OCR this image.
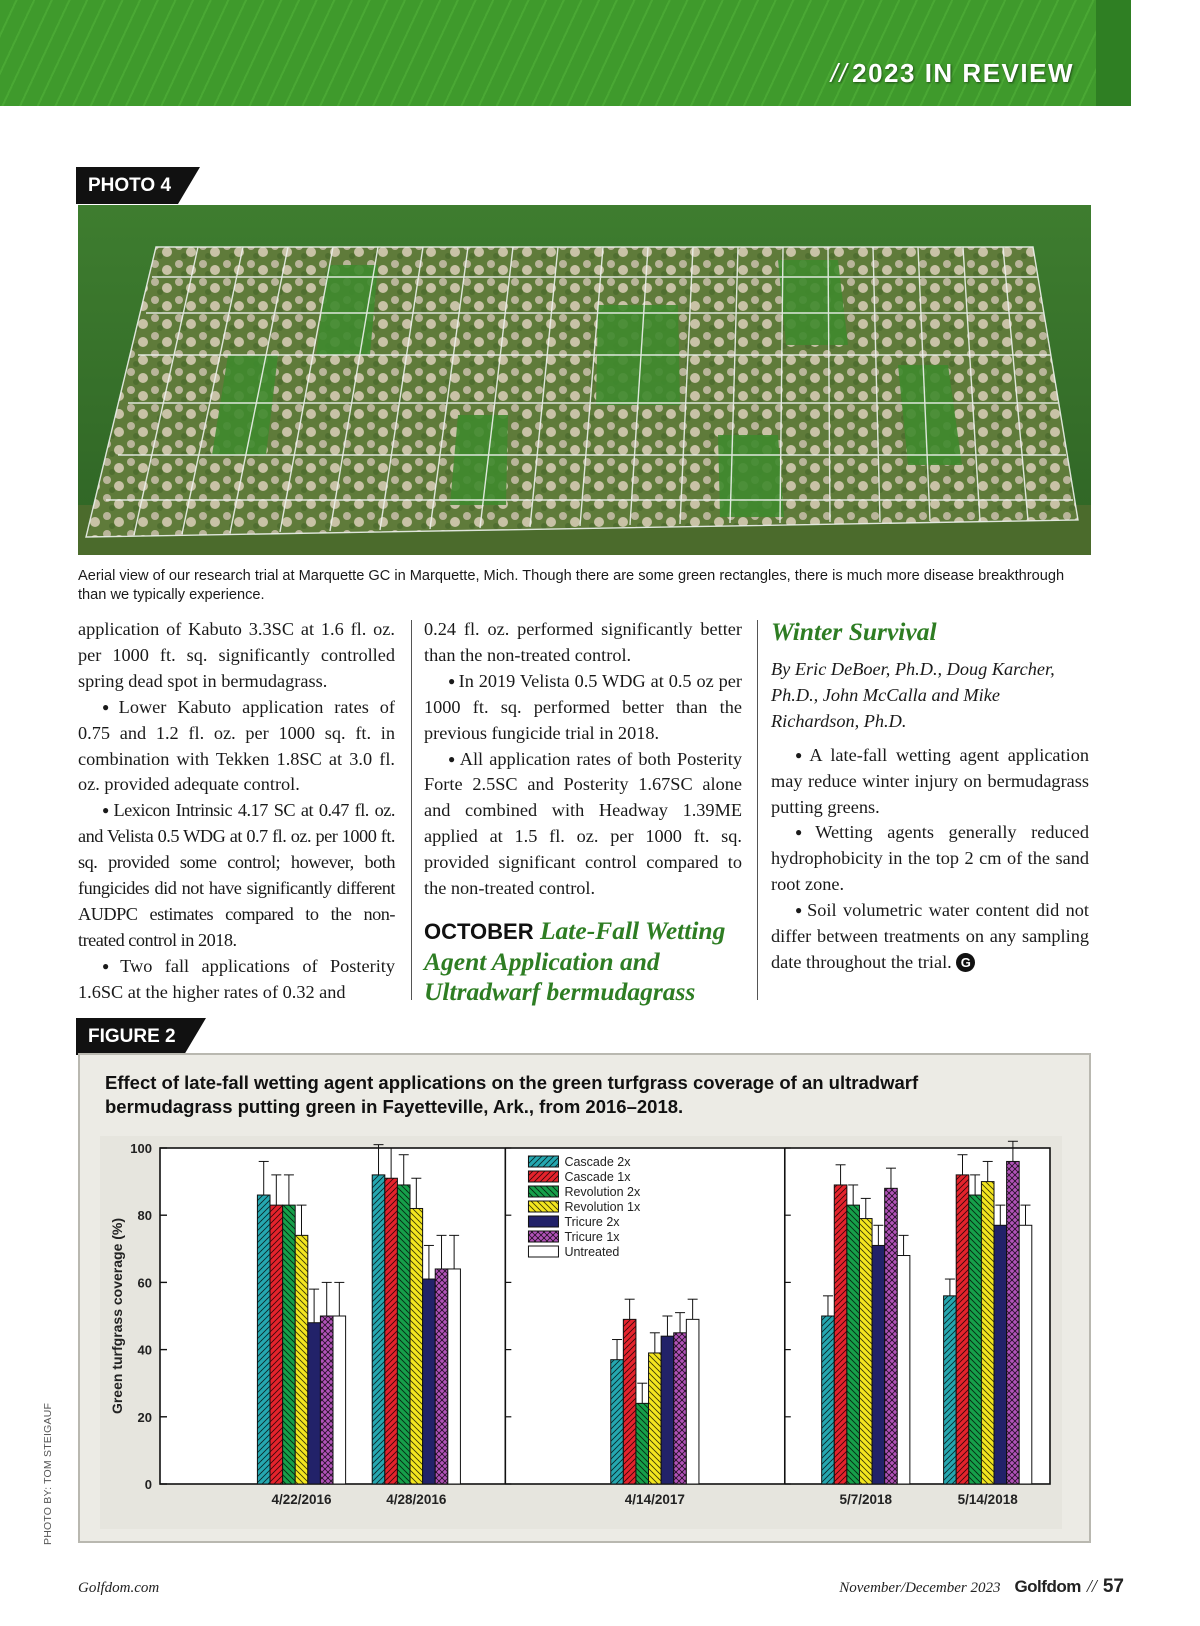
// 2023 IN REVIEW
PHOTO 4
Aerial view of our research trial at Marquette GC in Marquette, Mich. Though there are some green rectangles, there is much more disease breakthrough than we typically experience.

application of Kabuto 3.3SC at 1.6 fl. oz. per 1000 ft. sq. significantly controlled spring dead spot in bermudagrass.

● Lower Kabuto application rates of 0.75 and 1.2 fl. oz. per 1000 sq. ft. in combination with Tekken 1.8SC at 3.0 fl. oz. provided adequate control.

● Lexicon Intrinsic 4.17 SC at 0.47 fl. oz. and Velista 0.5 WDG at 0.7 fl. oz. per 1000 ft. sq. provided some control; however, both fungicides did not have significantly different AUDPC estimates compared to the non-treated control in 2018.

● Two fall applications of Posterity 1.6SC at the higher rates of 0.32 and

0.24 fl. oz. performed significantly better than the non-treated control.

● In 2019 Velista 0.5 WDG at 0.5 oz per 1000 ft. sq. performed better than the previous fungicide trial in 2018.

● All application rates of both Posterity Forte 2.5SC and Posterity 1.67SC alone and combined with Headway 1.39ME applied at 1.5 fl. oz. per 1000 ft. sq. provided significant control compared to the non-treated control.

OCTOBER Late-Fall Wetting Agent Application and Ultradwarf bermudagrass

Winter Survival

By Eric DeBoer, Ph.D., Doug Karcher, Ph.D., John McCalla and Mike Richardson, Ph.D.

● A late-fall wetting agent application may reduce winter injury on bermudagrass putting greens.

● Wetting agents generally reduced hydrophobicity in the top 2 cm of the sand root zone.

● Soil volumetric water content did not differ between treatments on any sampling date throughout the trial. G

FIGURE 2
Effect of late-fall wetting agent applications on the green turfgrass coverage of an ultradwarf bermudagrass putting green in Fayetteville, Ark., from 2016–2018.
0
20
40
60
80
100
Green turfgrass coverage (%)
4/22/2016	4/28/2016	4/14/2017	5/7/2018	5/14/2018
Cascade 2x
Cascade 1x
Revolution 2x
Revolution 1x
Tricure 2x
Tricure 1x
Untreated
PHOTO BY: TOM STEIGAUF
Golfdom.com	November/December 2023 Golfdom // 57
